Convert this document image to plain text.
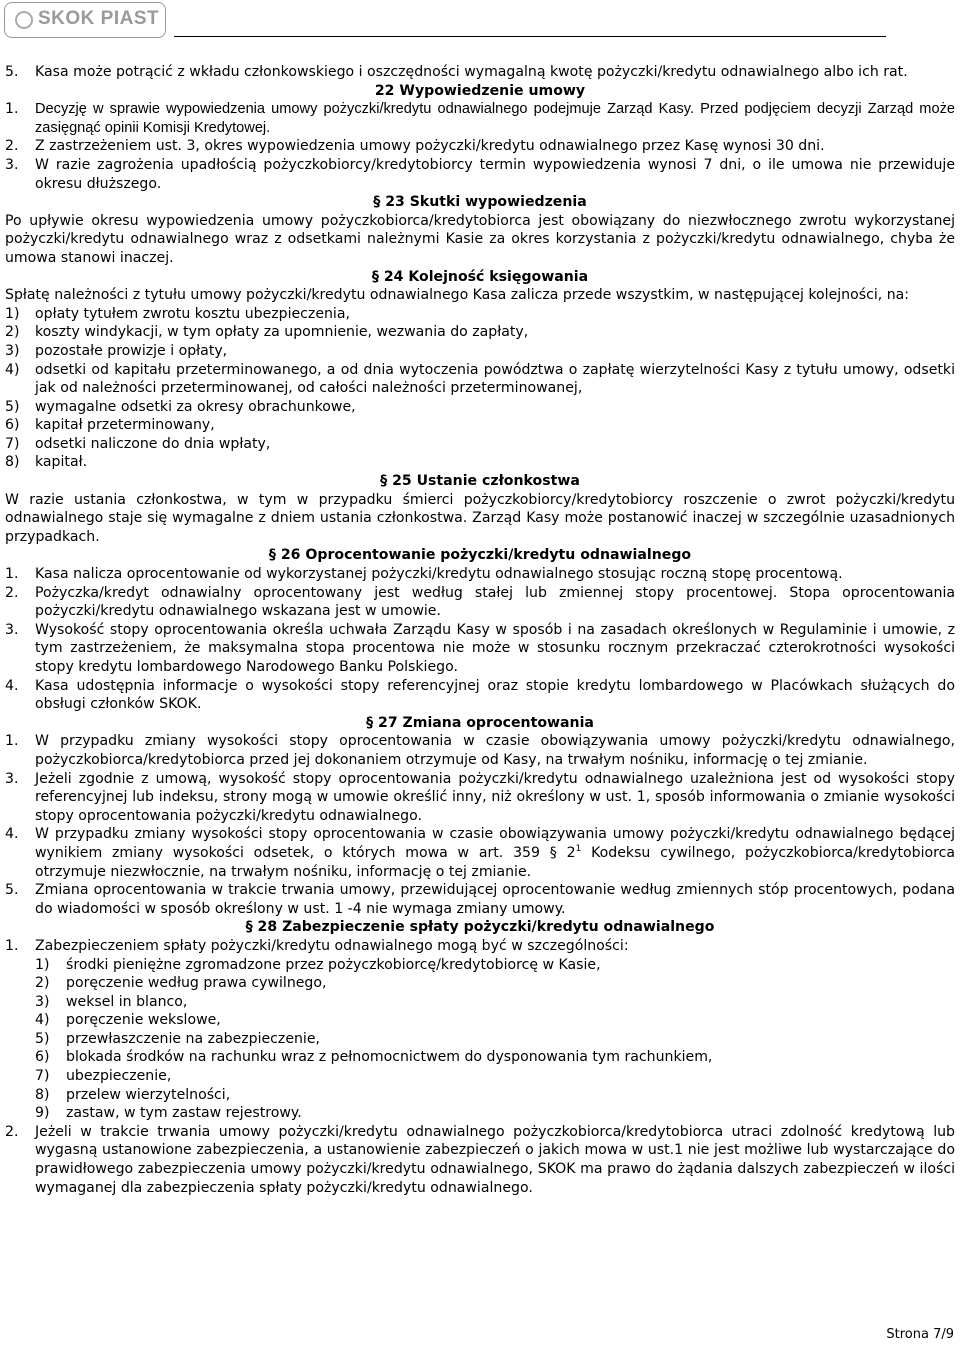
SKOK PIAST
5.	Kasa może potrącić z wkładu członkowskiego i oszczędności wymagalną kwotę pożyczki/kredytu odnawialnego albo ich rat.

22 Wypowiedzenie umowy

1.	Decyzję w sprawie wypowiedzenia umowy pożyczki/kredytu odnawialnego podejmuje Zarząd Kasy. Przed podjęciem decyzji Zarząd może zasięgnąć opinii Komisji Kredytowej.
2.	Z zastrzeżeniem ust. 3, okres wypowiedzenia umowy pożyczki/kredytu odnawialnego przez Kasę wynosi 30 dni.
3.	W razie zagrożenia upadłością pożyczkobiorcy/kredytobiorcy termin wypowiedzenia wynosi 7 dni, o ile umowa nie przewiduje okresu dłuższego.

§ 23 Skutki wypowiedzenia

Po upływie okresu wypowiedzenia umowy pożyczkobiorca/kredytobiorca jest obowiązany do niezwłocznego zwrotu wykorzystanej pożyczki/kredytu odnawialnego wraz z odsetkami należnymi Kasie za okres korzystania z pożyczki/kredytu odnawialnego, chyba że umowa stanowi inaczej.

§ 24 Kolejność księgowania

Spłatę należności z tytułu umowy pożyczki/kredytu odnawialnego Kasa zalicza przede wszystkim, w następującej kolejności, na:

1)	opłaty tytułem zwrotu kosztu ubezpieczenia,
2)	koszty windykacji, w tym opłaty za upomnienie, wezwania do zapłaty,
3)	pozostałe prowizje i opłaty,
4)	odsetki od kapitału przeterminowanego, a od dnia wytoczenia powództwa o zapłatę wierzytelności Kasy z tytułu umowy, odsetki jak od należności przeterminowanej, od całości należności przeterminowanej,
5)	wymagalne odsetki za okresy obrachunkowe,
6)	kapitał przeterminowany,
7)	odsetki naliczone do dnia wpłaty,
8)	kapitał.

§ 25 Ustanie członkostwa

W razie ustania członkostwa, w tym w przypadku śmierci pożyczkobiorcy/kredytobiorcy roszczenie o zwrot pożyczki/kredytu odnawialnego staje się wymagalne z dniem ustania członkostwa. Zarząd Kasy może postanowić inaczej w szczególnie uzasadnionych przypadkach.

§ 26 Oprocentowanie pożyczki/kredytu odnawialnego

1.	Kasa nalicza oprocentowanie od wykorzystanej pożyczki/kredytu odnawialnego stosując roczną stopę procentową.
2.	Pożyczka/kredyt odnawialny oprocentowany jest według stałej lub zmiennej stopy procentowej. Stopa oprocentowania pożyczki/kredytu odnawialnego wskazana jest w umowie.
3.	Wysokość stopy oprocentowania określa uchwała Zarządu Kasy w sposób i na zasadach określonych w Regulaminie i umowie, z tym zastrzeżeniem, że maksymalna stopa procentowa nie może w stosunku rocznym przekraczać czterokrotności wysokości stopy kredytu lombardowego Narodowego Banku Polskiego.
4.	Kasa udostępnia informacje o wysokości stopy referencyjnej oraz stopie kredytu lombardowego w Placówkach służących do obsługi członków SKOK.

§ 27 Zmiana oprocentowania

1.	W przypadku zmiany wysokości stopy oprocentowania w czasie obowiązywania umowy pożyczki/kredytu odnawialnego, pożyczkobiorca/kredytobiorca przed jej dokonaniem otrzymuje od Kasy, na trwałym nośniku, informację o tej zmianie.
3.	Jeżeli zgodnie z umową, wysokość stopy oprocentowania pożyczki/kredytu odnawialnego uzależniona jest od wysokości stopy referencyjnej lub indeksu, strony mogą w umowie określić inny, niż określony w ust. 1, sposób informowania o zmianie wysokości stopy oprocentowania pożyczki/kredytu odnawialnego.
4.	W przypadku zmiany wysokości stopy oprocentowania w czasie obowiązywania umowy pożyczki/kredytu odnawialnego będącej wynikiem zmiany wysokości odsetek, o których mowa w art. 359 § $2^1$ Kodeksu cywilnego, pożyczkobiorca/kredytobiorca otrzymuje niezwłocznie, na trwałym nośniku, informację o tej zmianie.
5.	Zmiana oprocentowania w trakcie trwania umowy, przewidującej oprocentowanie według zmiennych stóp procentowych, podana do wiadomości w sposób określony w ust. 1 -4 nie wymaga zmiany umowy.

§ 28 Zabezpieczenie spłaty pożyczki/kredytu odnawialnego

1.	Zabezpieczeniem spłaty pożyczki/kredytu odnawialnego mogą być w szczególności:
1)	środki pieniężne zgromadzone przez pożyczkobiorcę/kredytobiorcę w Kasie,
2)	poręczenie według prawa cywilnego,
3)	weksel in blanco,
4)	poręczenie wekslowe,
5)	przewłaszczenie na zabezpieczenie,
6)	blokada środków na rachunku wraz z pełnomocnictwem do dysponowania tym rachunkiem,
7)	ubezpieczenie,
8)	przelew wierzytelności,
9)	zastaw, w tym zastaw rejestrowy.
2.	Jeżeli w trakcie trwania umowy pożyczki/kredytu odnawialnego pożyczkobiorca/kredytobiorca utraci zdolność kredytową lub wygasną ustanowione zabezpieczenia, a ustanowienie zabezpieczeń o jakich mowa w ust.1 nie jest możliwe lub wystarczające do prawidłowego zabezpieczenia umowy pożyczki/kredytu odnawialnego, SKOK ma prawo do żądania dalszych zabezpieczeń w ilości wymaganej dla zabezpieczenia spłaty pożyczki/kredytu odnawialnego.
Strona 7/9
